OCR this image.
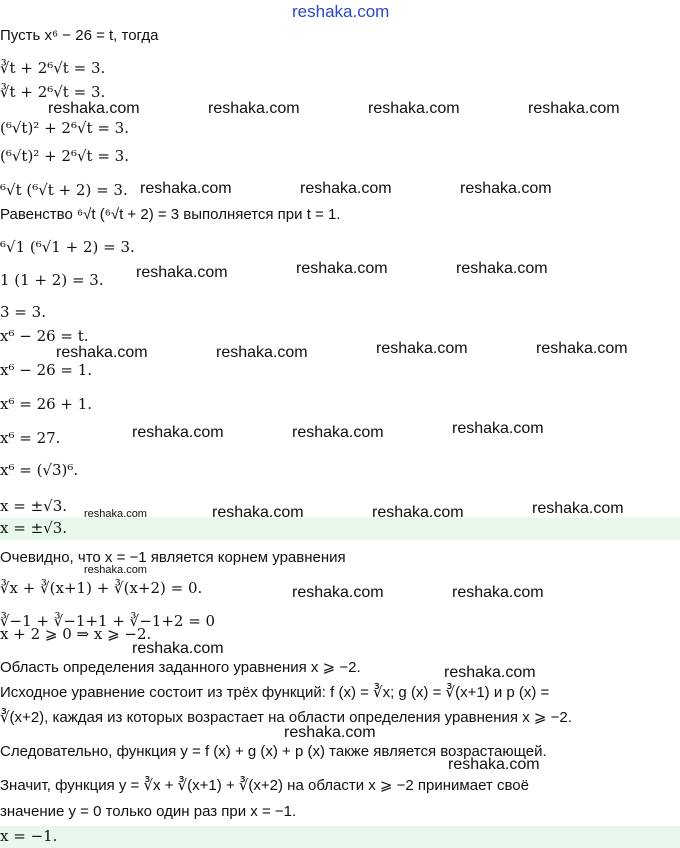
reshaka.com
Пусть x⁶ − 26 = t, тогда
∛t + 2⁶√t = 3.
∛t + 2⁶√t = 3.
(⁶√t)² + 2⁶√t = 3.
(⁶√t)² + 2⁶√t = 3.
⁶√t (⁶√t + 2) = 3.
Равенство ⁶√t (⁶√t + 2) = 3 выполняется при t = 1.
⁶√1 (⁶√1 + 2) = 3.
1 (1 + 2) = 3.
3 = 3.
x⁶ − 26 = t.
x⁶ − 26 = 1.
x⁶ = 26 + 1.
x⁶ = 27.
x⁶ = (√3)⁶.
x = ±√3.
x = ±√3.
Очевидно, что x = −1 является корнем уравнения
∛x + ∛(x+1) + ∛(x+2) = 0.
∛−1 + ∛−1+1 + ∛−1+2 = 0
x + 2 ⩾ 0 ⇒ x ⩾ −2.
Область определения заданного уравнения x ⩾ −2.
Исходное уравнение состоит из трёх функций: f (x) = ∛x; g (x) = ∛(x+1) и p (x) =
∛(x+2), каждая из которых возрастает на области определения уравнения x ⩾ −2.
Следовательно, функция y = f (x) + g (x) + p (x) также является возрастающей.
Значит, функция y = ∛x + ∛(x+1) + ∛(x+2) на области x ⩾ −2 принимает своё
значение y = 0 только один раз при x = −1.
x = −1.
reshaka.com	reshaka.com	reshaka.com	reshaka.com
reshaka.com	reshaka.com	reshaka.com
reshaka.com	reshaka.com	reshaka.com
reshaka.com	reshaka.com	reshaka.com	reshaka.com
reshaka.com	reshaka.com	reshaka.com
reshaka.com	reshaka.com	reshaka.com	reshaka.com
reshaka.com
reshaka.com	reshaka.com
reshaka.com
reshaka.com
reshaka.com
reshaka.com
